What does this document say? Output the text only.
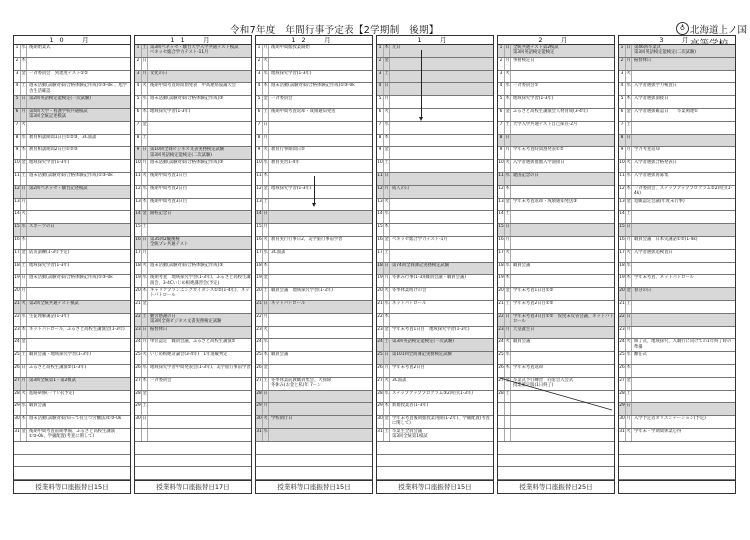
♁
令和7年度　年間行事予定表【2学期制　後期】	北海道上ノ国
10　月
1 水 後期始業式
2 木
3 金 一斉委員会　到達度テスト①②
4 土 週末活動(試験対策/合格体験記作成)①③-0k 、旭学舎生活確認
5 日 第2回英語検定能検定(一次試験)
6 月 第4回大学・看護学校共通模試
第3回全統記述模試
7 火
8 水 教育相談期間1日目①②③、3C面談
9 木 教育相談期間2日目①②③
10 金 地域探究学習(1-3年)
11 土 週末活動(試験対策/合格体験記作成)①③-0k
12 日 第2回ベネッセ・駿台記述模試
13 月
14 火
15 水 スポーツの日
16 木
17 金 防災訓練(1-3年予定)
18 土 地域探究学習(1-3年)
19 日 週末活動(試験対策/合格体験記作成)①③-0k
20 月
21 火 第2回全統共通テスト模試
22 水 生徒理解講話(1-3年)
23 木 ネットパトロール、ふるさと高校生講演会(1-3年)
24 金
25 土 職員会議・地域探究学習(1-3年)
26 日 ふるさと高校生講演②(1-3年)
27 月 第3回全統第1・第2模試
28 火 進路研修(一十い)(予定)
29 水 職員会議
30 木 週末活動(試験対策/知って役立つ労働法)①③-0k
31 金 後期中間考査前期準備、ふるさと高校生講演①③-0k、学級配置(考査に関して)
授業料等口座振替日15日
11　月
1 土 第3回ベネッセ・駿台大学入学共通テスト模試
ベネッセ総合学力テスト-11月
2 日
3 月 文化の日
4 火 後期中間考査時間割発表　中高連絡協議大会
5 水 週末活動(試験対策/合格体験記作成)③
6 木 地域探究学習(1-3年)
7 金
8 土
9 日 第10回全商ビジネス文書実務検定試験
第3回英語検定能検定(二次試験)
10 月 週末活動(試験対策/合格体験記作成)③
11 火 後期中間考査1日目
12 水 後期中間考査2日目
13 木 後期中間考査3日目
14 金 開校記念日
15 土
16 日 第35回2級漢検
全統プレ共通テスト
17 月
18 火 週末活動(試験対策/合格体験記作成)③
19 水 後期考査　地域探究学習(1-3年)、ふるさと高校生講演会、3-4Cいじめ根絶講習会(予定)
20 木 キャリアプランニングガイダンス①②(1-4年)、ネットパトロール
21 金
22 土 勤労感謝の日
第3回全商ビジネス文書実務検定試験
23 日 振替休日
24 月 単位認定　職員会議、ふるさと高校生講演②
25 火 いじめ根絶討論会(3-4年)　1年進級判定
26 水 地域探究学習中間発表会(1-3年)、美学旅行事前学習
27 木 一斉委員会
28 金
29 土
30 日
授業料等口座振替日17日
12　月
1 月 後期中間総授業開始
2 火
3 水 地域探究学習(1-3年)
4 木 週末活動(試験対策/合格体験記作成)①③-0k
5 金 一斉委員会
6 土 後期中間考査返却・成績通知発送
7 日
8 月
9 火 教育行事期間日②
10 水 教育実習1-4年
11 木
12 金 地域探究学習(1-3年)
13 土
14 日
15 月
16 火 教育実行行事日2、美学旅行事前学習
17 水 3C面談
18 木
19 金
20 土 職員会議　地域探究学習(1-3年)
21 日 ネットパトロール
22 月
23 火
24 水
25 木 職員会議
26 金
27 土 冬季休業前教職員集会、大掃除
冬休み(お金と私)年 7ーン
28 日
29 月
30 火 学校閉庁日
31 水
授業料等口座振替日15日
1　月
1 木 元日
2 金
3 土
4 日
5 月
6 火
7 水
8 木
9 金
10 土
11 日
12 月 成人の日
13 火
14 水
15 木
16 金 ベネッセ総合学力テスト-1月
17 土
18 日 第74回全商簿記実務検定試験
19 月 冬休み行事(1-3)(職員会議・職員会議)
20 火 冬季休業明けの会
21 水 ネットパトロール
22 木
23 金 学年末考査1日目　地域探究学習(1-3年)
24 土 第3回英語検定能検定(一次試験)
25 日 第101回全商簿記実務検定試験
26 月 学年末考査2日目
27 火 3C面談
28 水 ステップアッププログラム③2回目(1-3年)
29 木 新規授業者(1-3年)
30 金 学年末考査後期総授業再開(1-2年)、学級配置(考査に関して)
31 土 卒業生全員会議
第3回全統第1模試
授業料等口座振替日15日
2　月
1 日 全統共通テスト第2模試
第3回英語検定能検定
2 月 事務検定日
3 火
4 水 一斉委員会①
5 木 地域探究学習(1-3年)
6 金 ふるさと高校生講演会人材育成(3-4年)
7 土 大学入学共通テスト自己採点-2月
8 日
9 月 学年末考査時間割発表①②
10 火 入学者選抜推薦入学面接日
11 水 建国記念の日
12 木
13 金 学年末考査返却・成績通知発送③
14 土
15 日
16 月
17 火
18 水 職員会議
19 木
20 金 学年末考査1日目①②
21 土 学年末考査2日目①②
22 日 学年末考査3日目①②　仮度末反省会議、ネットパトロール
23 月 天皇誕生日
24 火 職員会議
25 水
26 木 学年末考査返却
27	卒業式予行練習　同窓会入会式
授業確定版(1日終了)
28 土
授業料等口座振替日25日
3　月
1 日 第46回卒業式
第3回英語検定能検定(二次試験)
2 月 振替休日
3 火
4 水 入学者選抜学力検査日
5 木 入学者選抜面接日
6 金 入学者選抜確認日　　卒業関連①
7 土
8 日
9 月 学力考査返却
10 火 入学者選抜合格発表日
11 水 入学者選抜再募集
12 木 一斉委員会、ステップアッププログラム②2回目(1-4k)
13 金 退職認定会議(年度末行事)
14 土
15 日
16 月 職員会議　日本史講話①②(1-4k)
17 火 入学者選抜追検査日
18 水
19 木 学年末考査、ネットパトロール
20 金 春分の日
21 土
22 日
23 月
24 火 修了式、地域探究、入職行に向けての1年終了時の準備
25 水 離任式
26 木
27 金
28 土
29 日
30 月 入学予定者オリエンテーション(予定)
31 火 学年末・学期間休業心得
